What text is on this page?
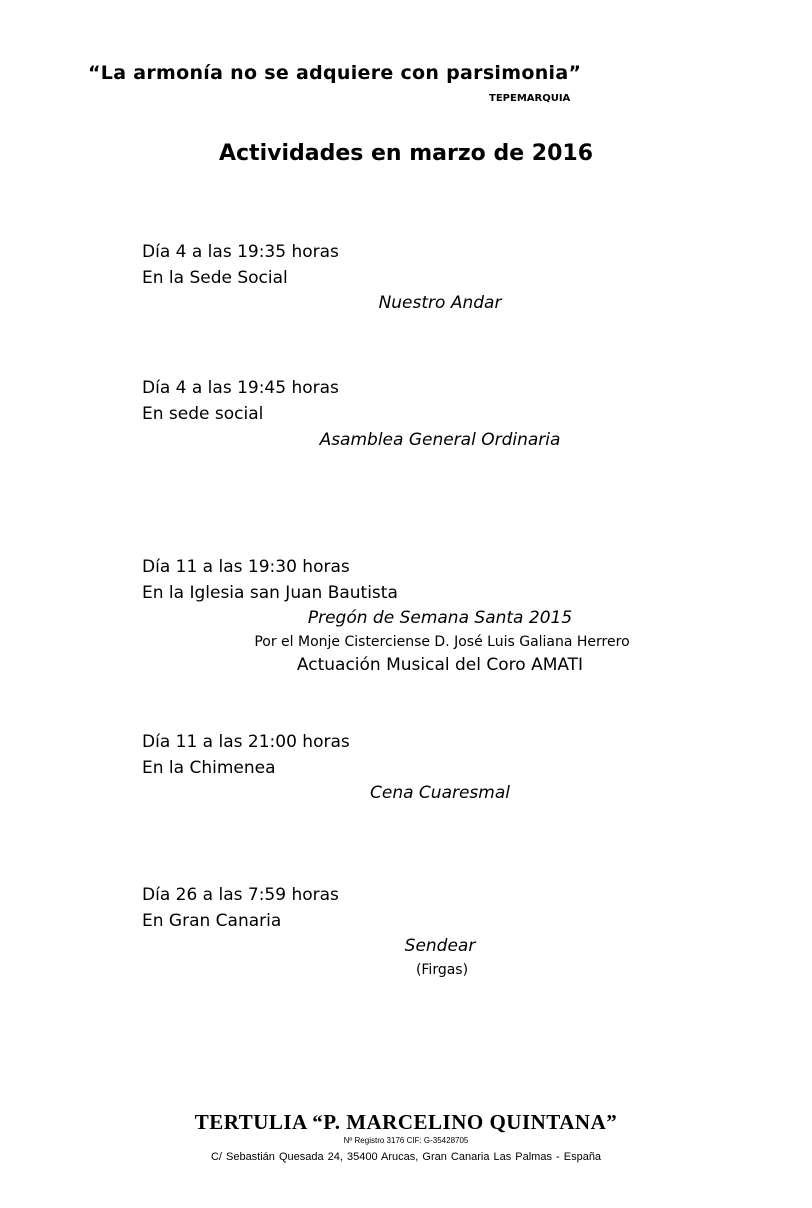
“La armonía no se adquiere con parsimonia”
TEPEMARQUIA
Actividades en marzo de 2016
Día 4 a las 19:35 horas
En la Sede Social
Nuestro Andar
Día 4 a las 19:45 horas
En sede social
Asamblea General Ordinaria
Día 11 a las 19:30 horas
En la Iglesia san Juan Bautista
Pregón de Semana Santa 2015
Por el Monje Cisterciense D. José Luis Galiana Herrero
Actuación Musical del Coro AMATI
Día 11 a las 21:00 horas
En la Chimenea
Cena Cuaresmal
Día 26 a las 7:59 horas
En Gran Canaria
Sendear
(Firgas)
TERTULIA “P. MARCELINO QUINTANA”
Nº Registro 3176 CIF: G-35428705
C/ Sebastián Quesada 24, 35400 Arucas, Gran Canaria Las Palmas - España
